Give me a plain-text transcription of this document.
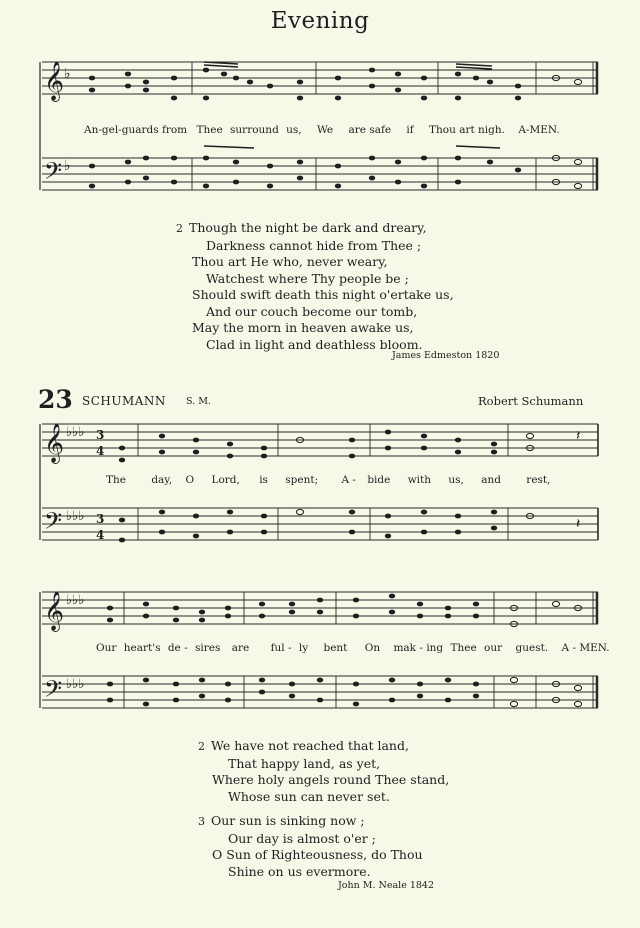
Evening
𝄞
𝄢
♭
♭
𝄞
𝄢
♭♭♭
♭♭♭
3
4
3
4
𝄽
𝄽
𝄞
𝄢
♭♭♭
♭♭♭
An-gel-guards from Thee surround us, We are safe if Thou art nigh. A-MEN.
2 Though the night be dark and dreary,
Darkness cannot hide from Thee ;
Thou art He who, never weary,
Watchest where Thy people be ;
Should swift death this night o'ertake us,
And our couch become our tomb,
May the morn in heaven awake us,
Clad in light and deathless bloom.
James Edmeston 1820
23 SCHUMANN S. M.	Robert Schumann
The day, O Lord, is spent; A - bide with us, and rest,
Our heart's de - sires are ful - ly bent On mak - ing Thee our guest. A - MEN.
2 We have not reached that land,
That happy land, as yet,
Where holy angels round Thee stand,
Whose sun can never set.
3 Our sun is sinking now ;
Our day is almost o'er ;
O Sun of Righteousness, do Thou
Shine on us evermore.
John M. Neale 1842
